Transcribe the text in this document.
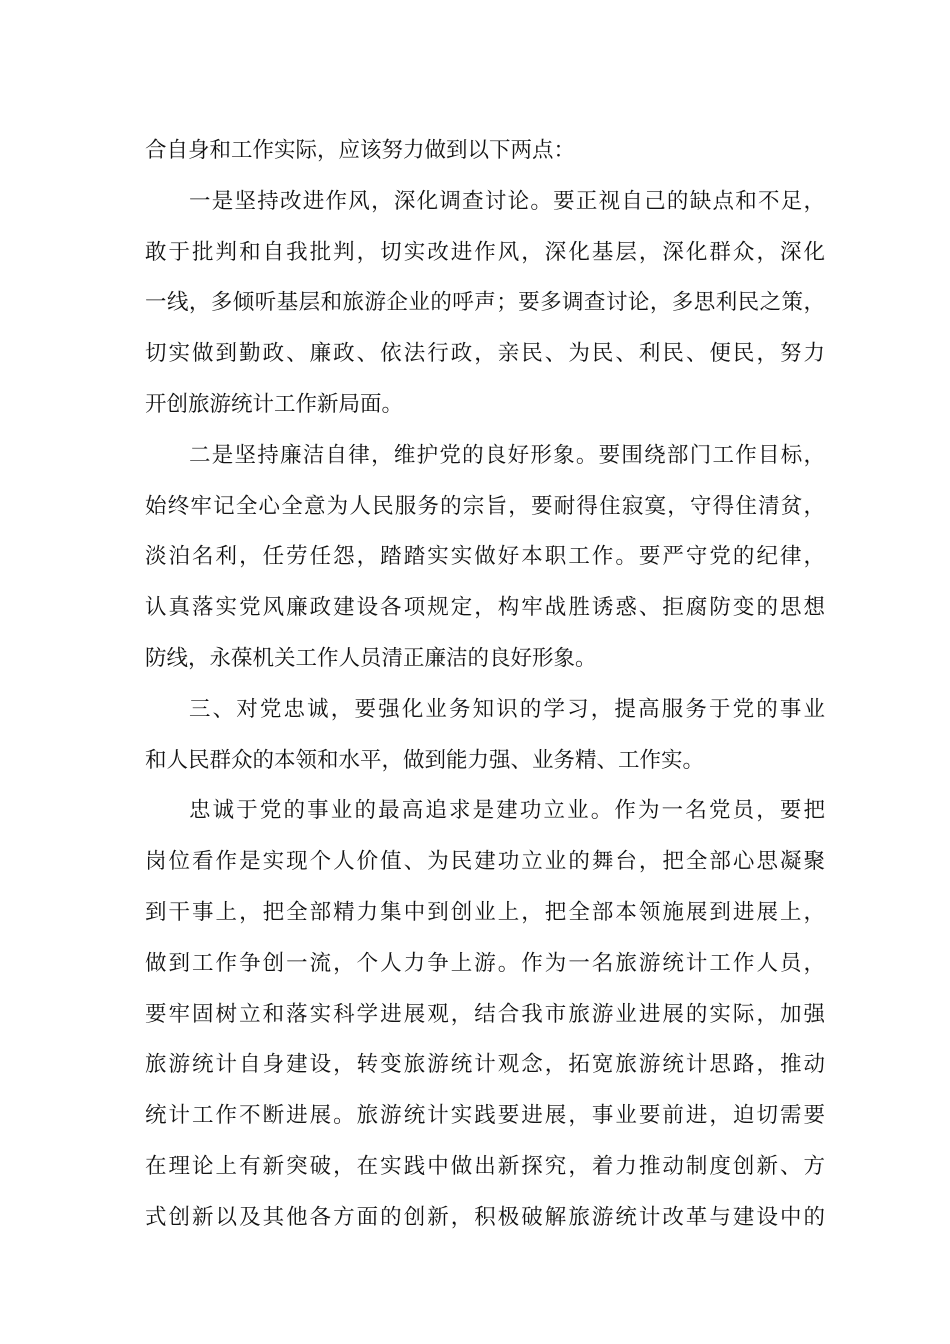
合自身和工作实际，应该努力做到以下两点：
一是坚持改进作风，深化调查讨论。要正视自己的缺点和不足，
敢于批判和自我批判，切实改进作风，深化基层，深化群众，深化
一线，多倾听基层和旅游企业的呼声；要多调查讨论，多思利民之策，
切实做到勤政、廉政、依法行政，亲民、为民、利民、便民，努力
开创旅游统计工作新局面。
二是坚持廉洁自律，维护党的良好形象。要围绕部门工作目标，
始终牢记全心全意为人民服务的宗旨，要耐得住寂寞，守得住清贫，
淡泊名利，任劳任怨，踏踏实实做好本职工作。要严守党的纪律，
认真落实党风廉政建设各项规定，构牢战胜诱惑、拒腐防变的思想
防线，永葆机关工作人员清正廉洁的良好形象。
三、对党忠诚，要强化业务知识的学习，提高服务于党的事业
和人民群众的本领和水平，做到能力强、业务精、工作实。
忠诚于党的事业的最高追求是建功立业。作为一名党员，要把
岗位看作是实现个人价值、为民建功立业的舞台，把全部心思凝聚
到干事上，把全部精力集中到创业上，把全部本领施展到进展上，
做到工作争创一流，个人力争上游。作为一名旅游统计工作人员，
要牢固树立和落实科学进展观，结合我市旅游业进展的实际，加强
旅游统计自身建设，转变旅游统计观念，拓宽旅游统计思路，推动
统计工作不断进展。旅游统计实践要进展，事业要前进，迫切需要
在理论上有新突破，在实践中做出新探究，着力推动制度创新、方
式创新以及其他各方面的创新，积极破解旅游统计改革与建设中的
